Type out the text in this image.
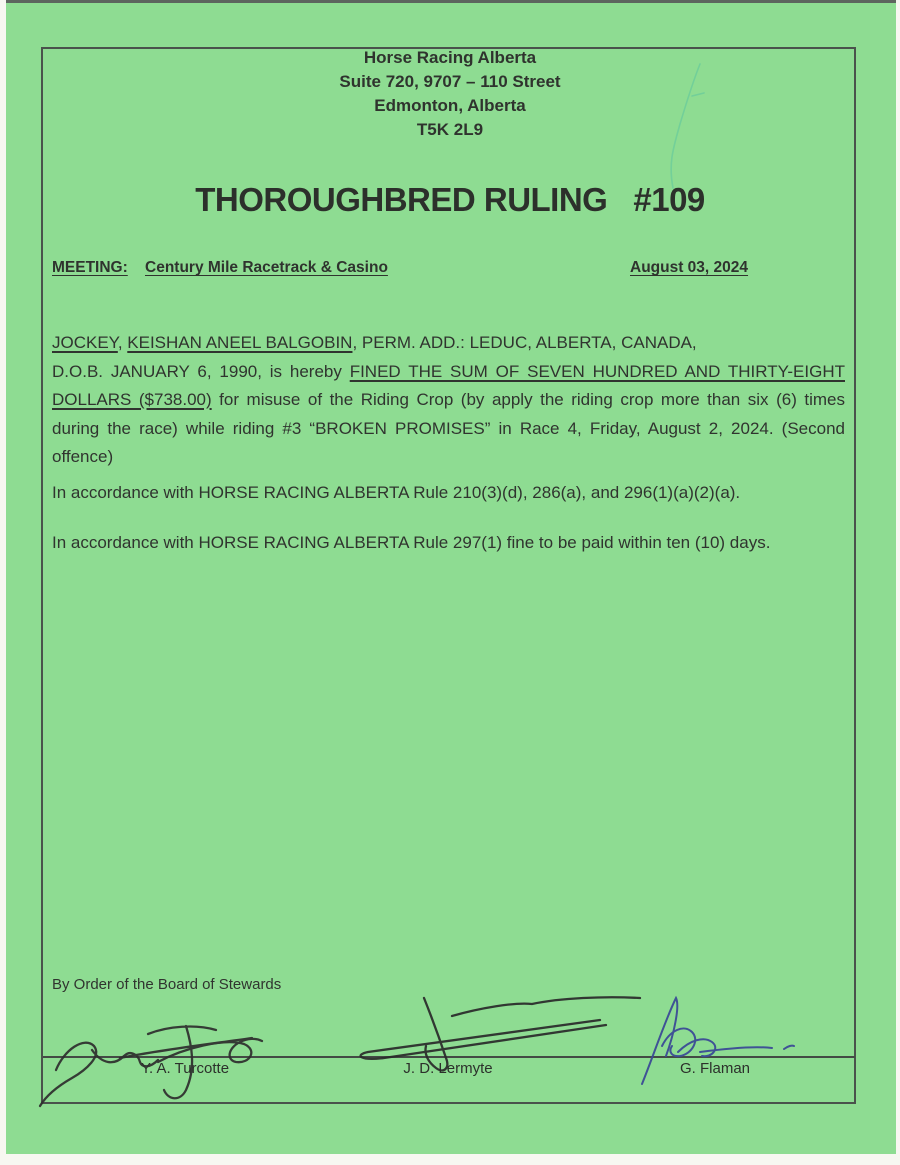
Horse Racing Alberta
Suite 720, 9707 – 110 Street
Edmonton, Alberta
T5K 2L9
THOROUGHBRED RULING   #109
MEETING: Century Mile Racetrack & Casino	August 03, 2024
JOCKEY, KEISHAN ANEEL BALGOBIN, PERM. ADD.: LEDUC, ALBERTA, CANADA,
D.O.B. JANUARY 6, 1990, is hereby FINED THE SUM OF SEVEN HUNDRED AND THIRTY-EIGHT
DOLLARS ($738.00) for misuse of the Riding Crop (by apply the riding crop more than six (6) times
during the race) while riding #3 “BROKEN PROMISES” in Race 4, Friday, August 2, 2024. (Second
offence)
In accordance with HORSE RACING ALBERTA Rule 210(3)(d), 286(a), and 296(1)(a)(2)(a).
In accordance with HORSE RACING ALBERTA Rule 297(1) fine to be paid within ten (10) days.
By Order of the Board of Stewards
Y. A. Turcotte	J. D. Lermyte	G. Flaman
